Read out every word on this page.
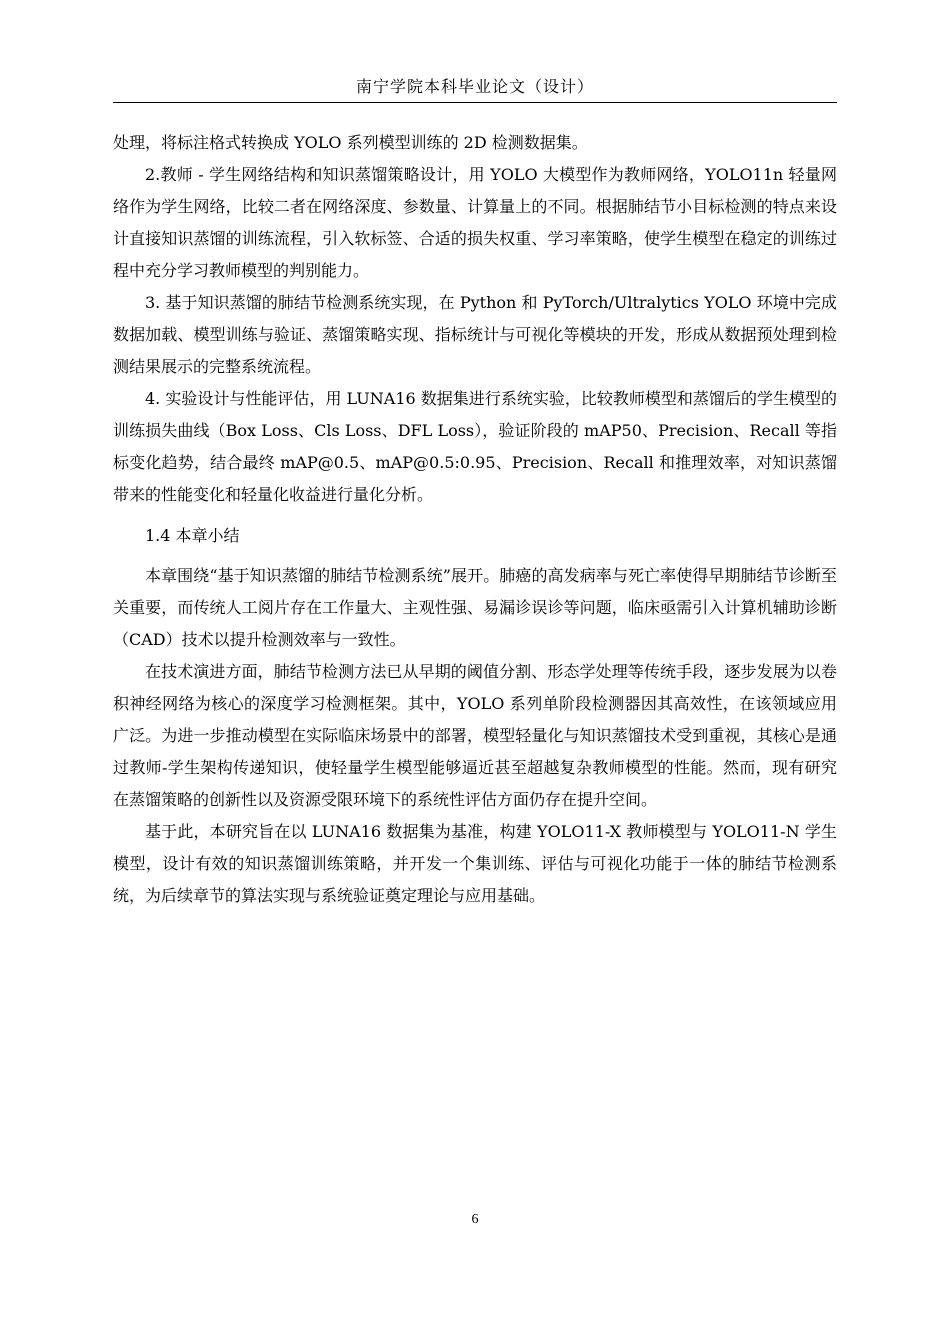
南宁学院本科毕业论文（设计）

处理，将标注格式转换成 YOLO 系列模型训练的 2D 检测数据集。

2.教师 - 学生网络结构和知识蒸馏策略设计，用 YOLO 大模型作为教师网络，YOLO11n 轻量网络作为学生网络，比较二者在网络深度、参数量、计算量上的不同。根据肺结节小目标检测的特点来设计直接知识蒸馏的训练流程，引入软标签、合适的损失权重、学习率策略，使学生模型在稳定的训练过程中充分学习教师模型的判别能力。

3. 基于知识蒸馏的肺结节检测系统实现，在 Python 和 PyTorch/Ultralytics YOLO 环境中完成数据加载、模型训练与验证、蒸馏策略实现、指标统计与可视化等模块的开发，形成从数据预处理到检测结果展示的完整系统流程。

4. 实验设计与性能评估，用 LUNA16 数据集进行系统实验，比较教师模型和蒸馏后的学生模型的训练损失曲线（Box Loss、Cls Loss、DFL Loss），验证阶段的 mAP50、Precision、Recall 等指标变化趋势，结合最终 mAP@0.5、mAP@0.5:0.95、Precision、Recall 和推理效率，对知识蒸馏带来的性能变化和轻量化收益进行量化分析。

1.4 本章小结

本章围绕“基于知识蒸馏的肺结节检测系统”展开。肺癌的高发病率与死亡率使得早期肺结节诊断至关重要，而传统人工阅片存在工作量大、主观性强、易漏诊误诊等问题，临床亟需引入计算机辅助诊断（CAD）技术以提升检测效率与一致性。

在技术演进方面，肺结节检测方法已从早期的阈值分割、形态学处理等传统手段，逐步发展为以卷积神经网络为核心的深度学习检测框架。其中，YOLO 系列单阶段检测器因其高效性，在该领域应用广泛。为进一步推动模型在实际临床场景中的部署，模型轻量化与知识蒸馏技术受到重视，其核心是通过教师-学生架构传递知识，使轻量学生模型能够逼近甚至超越复杂教师模型的性能。然而，现有研究在蒸馏策略的创新性以及资源受限环境下的系统性评估方面仍存在提升空间。

基于此，本研究旨在以 LUNA16 数据集为基准，构建 YOLO11-X 教师模型与 YOLO11-N 学生模型，设计有效的知识蒸馏训练策略，并开发一个集训练、评估与可视化功能于一体的肺结节检测系统，为后续章节的算法实现与系统验证奠定理论与应用基础。

6
